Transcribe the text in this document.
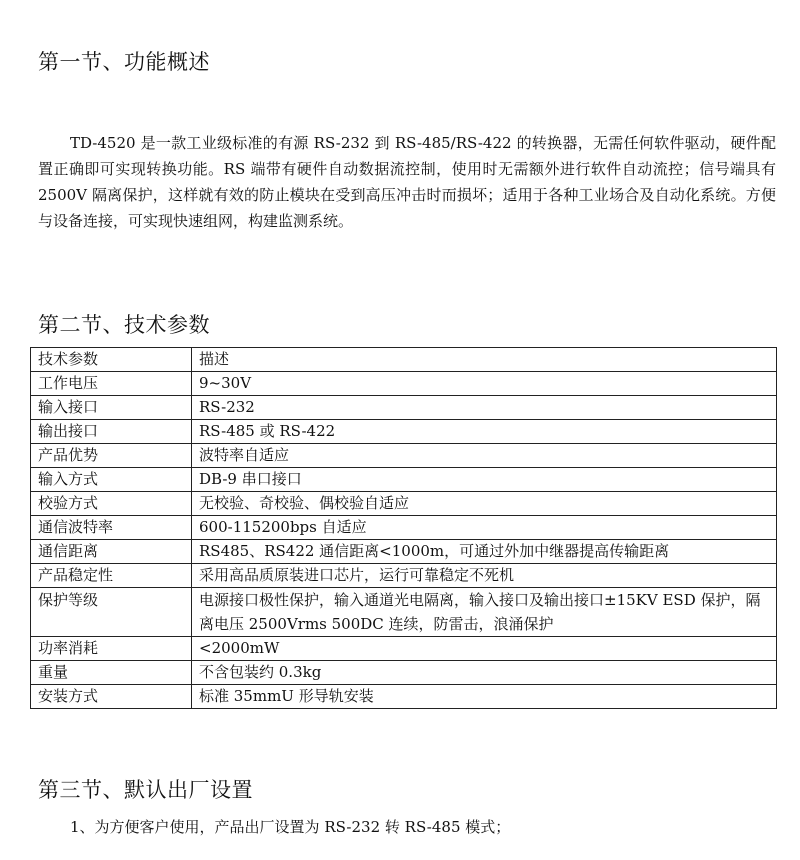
第一节、功能概述

TD-4520 是一款工业级标准的有源 RS-232 到 RS-485/RS-422 的转换器，无需任何软件驱动，硬件配置正确即可实现转换功能。RS 端带有硬件自动数据流控制，使用时无需额外进行软件自动流控；信号端具有 2500V 隔离保护，这样就有效的防止模块在受到高压冲击时而损坏；适用于各种工业场合及自动化系统。方便与设备连接，可实现快速组网，构建监测系统。

第二节、技术参数
技术参数	描述
工作电压	9~30V
输入接口	RS-232
输出接口	RS-485 或 RS-422
产品优势	波特率自适应
输入方式	DB-9 串口接口
校验方式	无校验、奇校验、偶校验自适应
通信波特率	600-115200bps 自适应
通信距离	RS485、RS422 通信距离<1000m，可通过外加中继器提高传输距离
产品稳定性	采用高品质原装进口芯片，运行可靠稳定不死机
保护等级	电源接口极性保护，输入通道光电隔离，输入接口及输出接口±15KV ESD 保护，隔离电压 2500Vrms 500DC 连续，防雷击，浪涌保护
功率消耗	<2000mW
重量	不含包装约 0.3kg
安装方式	标准 35mmU 形导轨安装
第三节、默认出厂设置

1、为方便客户使用，产品出厂设置为 RS-232 转 RS-485 模式；
